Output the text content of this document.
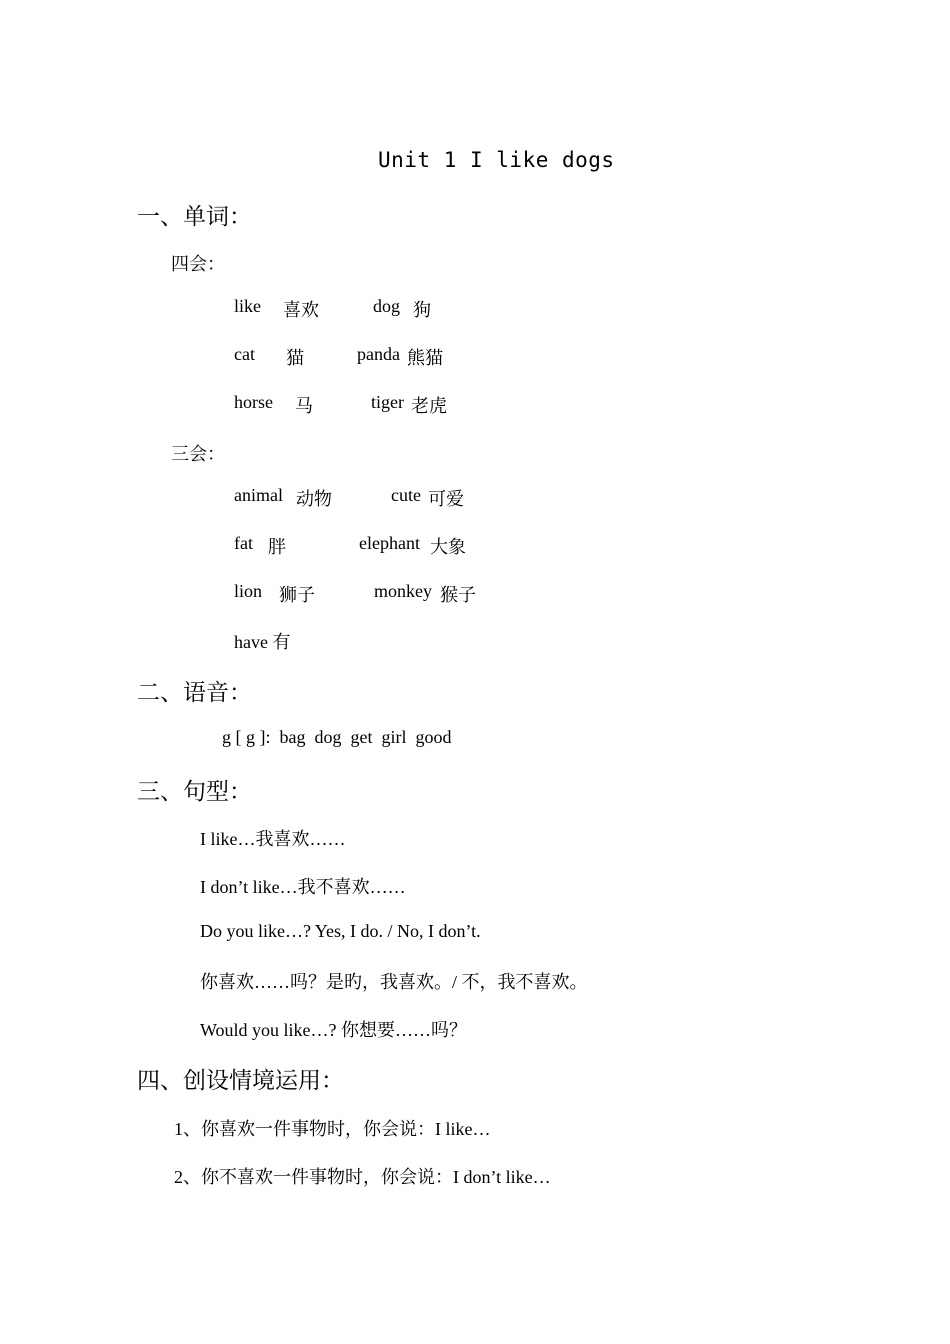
Unit 1 I like dogs
一、单词：
四会：
like 喜欢	dog 狗
cat 猫	panda 熊猫
horse 马	tiger 老虎
三会：
animal 动物	cute 可爱
fat 胖	elephant 大象
lion 狮子	monkey 猴子
have 有
二、语音：
g [ g ]:  bag  dog  get  girl  good
三、句型：
I like…我喜欢……
I don’t like…我不喜欢……
Do you like…? Yes, I do. / No, I don’t.
你喜欢……吗？是旳，我喜欢。/ 不，我不喜欢。
Would you like…? 你想要……吗？
四、创设情境运用：
1、你喜欢一件事物时，你会说：I like…
2、你不喜欢一件事物时，你会说：I don’t like…
